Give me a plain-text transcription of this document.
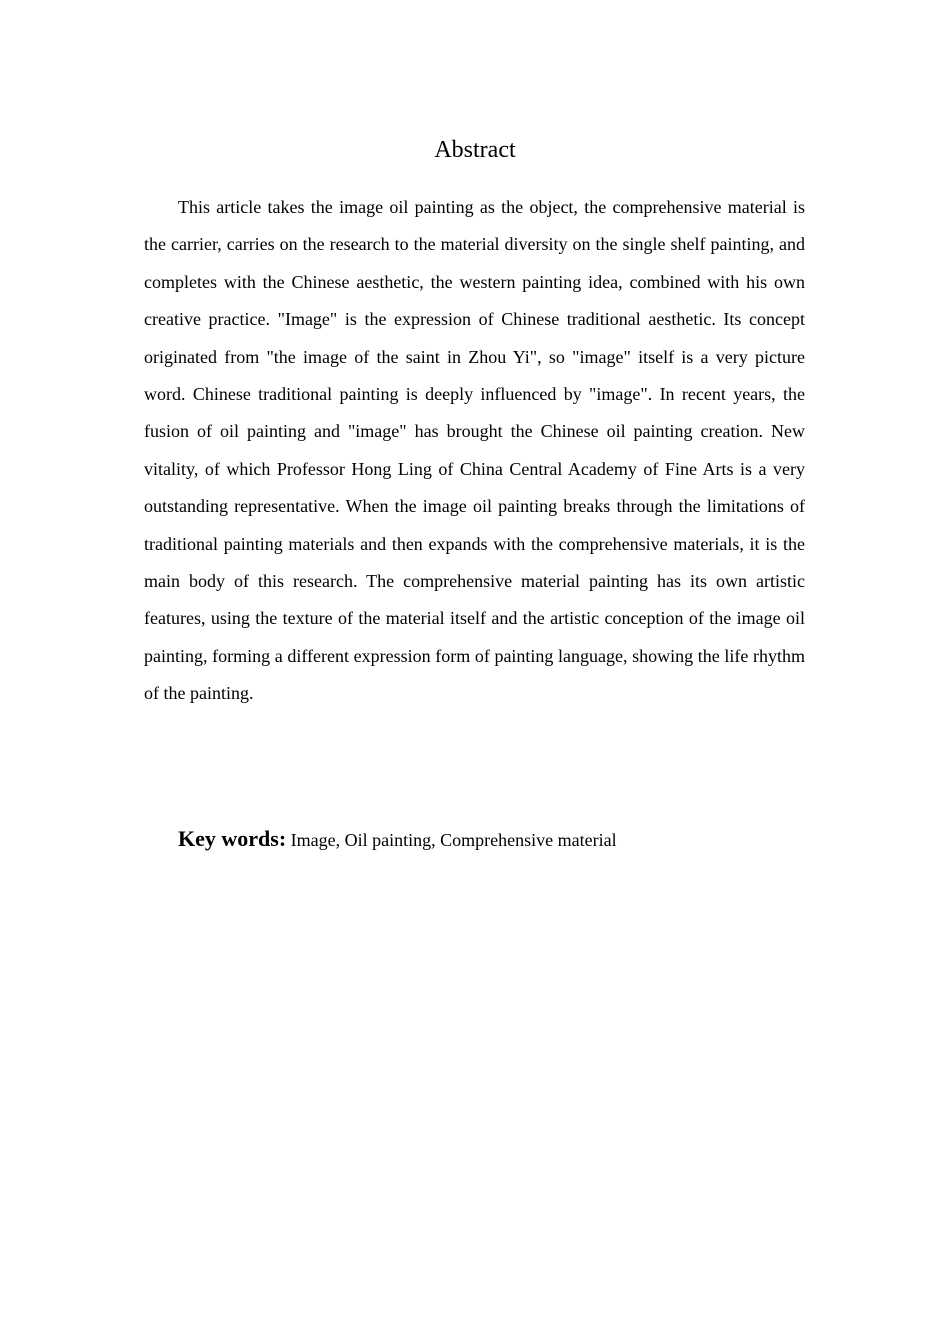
Abstract

This article takes the image oil painting as the object, the comprehensive material is the carrier, carries on the research to the material diversity on the single shelf painting, and completes with the Chinese aesthetic, the western painting idea, combined with his own creative practice. "Image" is the expression of Chinese traditional aesthetic. Its concept originated from "the image of the saint in Zhou Yi", so "image" itself is a very picture word. Chinese traditional painting is deeply influenced by "image". In recent years, the fusion of oil painting and "image" has brought the Chinese oil painting creation. New vitality, of which Professor Hong Ling of China Central Academy of Fine Arts is a very outstanding representative. When the image oil painting breaks through the limitations of traditional painting materials and then expands with the comprehensive materials, it is the main body of this research. The comprehensive material painting has its own artistic features, using the texture of the material itself and the artistic conception of the image oil painting, forming a different expression form of painting language, showing the life rhythm of the painting.

Key words: Image, Oil painting, Comprehensive material
